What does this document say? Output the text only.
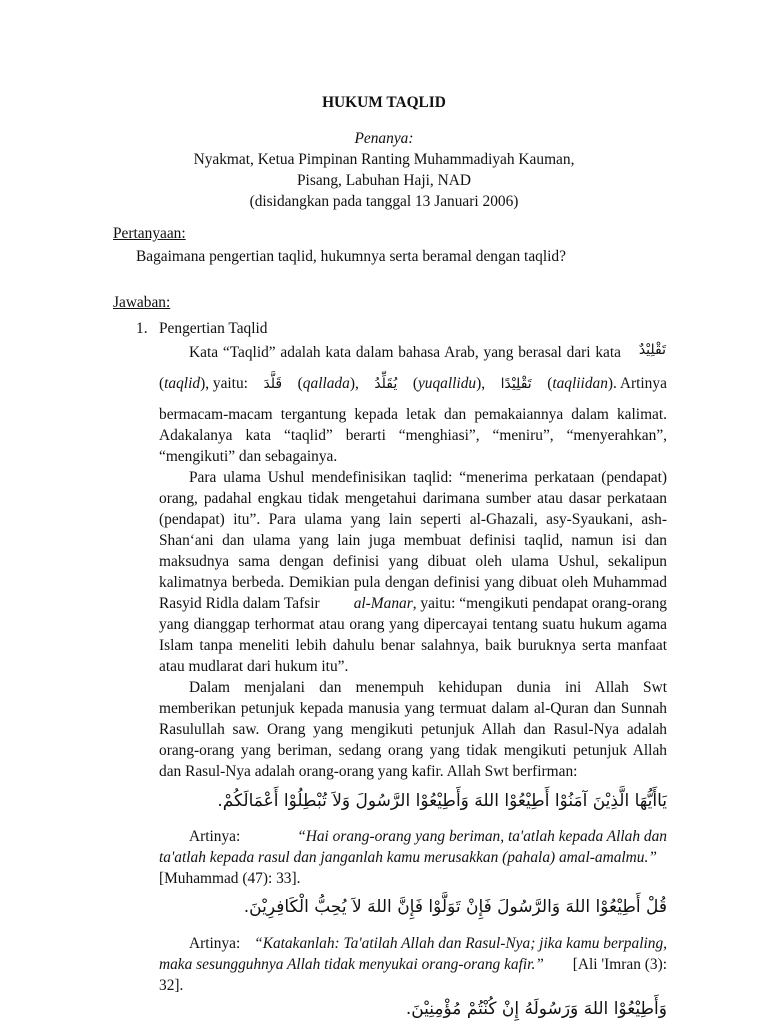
HUKUM TAQLID
Penanya:
Nyakmat, Ketua Pimpinan Ranting Muhammadiyah Kauman,
Pisang, Labuhan Haji, NAD
(disidangkan pada tanggal 13 Januari 2006)
Pertanyaan:
Bagaimana pengertian taqlid, hukumnya serta beramal dengan taqlid?
Jawaban:
1. Pengertian Taqlid
Kata “Taqlid” adalah kata dalam bahasa Arab, yang berasal dari kata	تَقْلِيْدٌ
(taqlid), yaitu: قَلَّدَ (qallada), يُقَلِّدُ (yuqallidu), تَقْلِيْدًا (taqliidan). Artinya
bermacam-macam tergantung kepada letak dan pemakaiannya dalam kalimat.
Adakalanya kata “taqlid” berarti “menghiasi”, “meniru”, “menyerahkan”,
“mengikuti” dan sebagainya.
Para ulama Ushul mendefinisikan taqlid: “menerima perkataan (pendapat)
orang, padahal engkau tidak mengetahui darimana sumber atau dasar perkataan
(pendapat) itu”. Para ulama yang lain seperti al-Ghazali, asy-Syaukani, ash-
Shan‘ani dan ulama yang lain juga membuat definisi taqlid, namun isi dan
maksudnya sama dengan definisi yang dibuat oleh ulama Ushul, sekalipun
kalimatnya berbeda. Demikian pula dengan definisi yang dibuat oleh Muhammad
Rasyid Ridla dalam Tafsir al-Manar, yaitu: “mengikuti pendapat orang-orang
yang dianggap terhormat atau orang yang dipercayai tentang suatu hukum agama
Islam tanpa meneliti lebih dahulu benar salahnya, baik buruknya serta manfaat
atau mudlarat dari hukum itu”.
Dalam menjalani dan menempuh kehidupan dunia ini Allah Swt
memberikan petunjuk kepada manusia yang termuat dalam al-Quran dan Sunnah
Rasulullah saw. Orang yang mengikuti petunjuk Allah dan Rasul-Nya adalah
orang-orang yang beriman, sedang orang yang tidak mengikuti petunjuk Allah
dan Rasul-Nya adalah orang-orang yang kafir. Allah Swt berfirman:
يَاأَيُّهَا الَّذِيْنَ آمَنُوْا أَطِيْعُوْا اللهَ وَأَطِيْعُوْا الرَّسُولَ وَلاَ تُبْطِلُوْا أَعْمَالَكُمْ.
Artinya:	“Hai orang-orang yang beriman, ta'atlah kepada Allah dan
ta'atlah kepada rasul dan janganlah kamu merusakkan (pahala) amal-amalmu.”
[Muhammad (47): 33].
قُلْ أَطِيْعُوْا اللهَ وَالرَّسُولَ فَإِنْ تَوَلَّوْا فَإِنَّ اللهَ لاَ يُحِبُّ الْكَافِرِيْنَ.
Artinya: “Katakanlah: Ta'atilah Allah dan Rasul-Nya; jika kamu berpaling,
maka sesungguhnya Allah tidak menyukai orang-orang kafir.” [Ali 'Imran (3):
32].
وَأَطِيْعُوْا اللهَ وَرَسُولَهُ إِنْ كُنْتُمْ مُؤْمِنِيْنَ.
